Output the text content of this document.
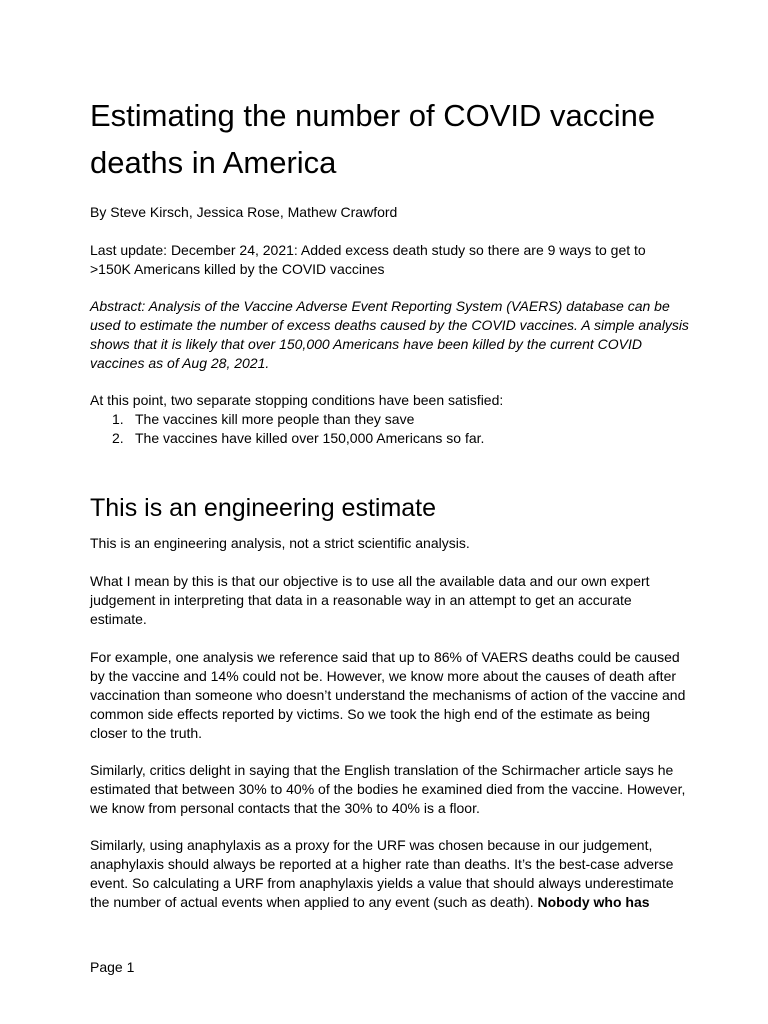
Estimating the number of COVID vaccine deaths in America

By Steve Kirsch, Jessica Rose, Mathew Crawford

Last update: December 24, 2021: Added excess death study so there are 9 ways to get to >150K Americans killed by the COVID vaccines

Abstract: Analysis of the Vaccine Adverse Event Reporting System (VAERS) database can be used to estimate the number of excess deaths caused by the COVID vaccines. A simple analysis shows that it is likely that over 150,000 Americans have been killed by the current COVID vaccines as of Aug 28, 2021.

At this point, two separate stopping conditions have been satisfied:

1. The vaccines kill more people than they save
2. The vaccines have killed over 150,000 Americans so far.
This is an engineering estimate

This is an engineering analysis, not a strict scientific analysis.

What I mean by this is that our objective is to use all the available data and our own expert judgement in interpreting that data in a reasonable way in an attempt to get an accurate estimate.

For example, one analysis we reference said that up to 86% of VAERS deaths could be caused by the vaccine and 14% could not be. However, we know more about the causes of death after vaccination than someone who doesn’t understand the mechanisms of action of the vaccine and common side effects reported by victims. So we took the high end of the estimate as being closer to the truth.

Similarly, critics delight in saying that the English translation of the Schirmacher article says he estimated that between 30% to 40% of the bodies he examined died from the vaccine. However, we know from personal contacts that the 30% to 40% is a floor.

Similarly, using anaphylaxis as a proxy for the URF was chosen because in our judgement, anaphylaxis should always be reported at a higher rate than deaths. It’s the best-case adverse event. So calculating a URF from anaphylaxis yields a value that should always underestimate the number of actual events when applied to any event (such as death). Nobody who has

Page 1
